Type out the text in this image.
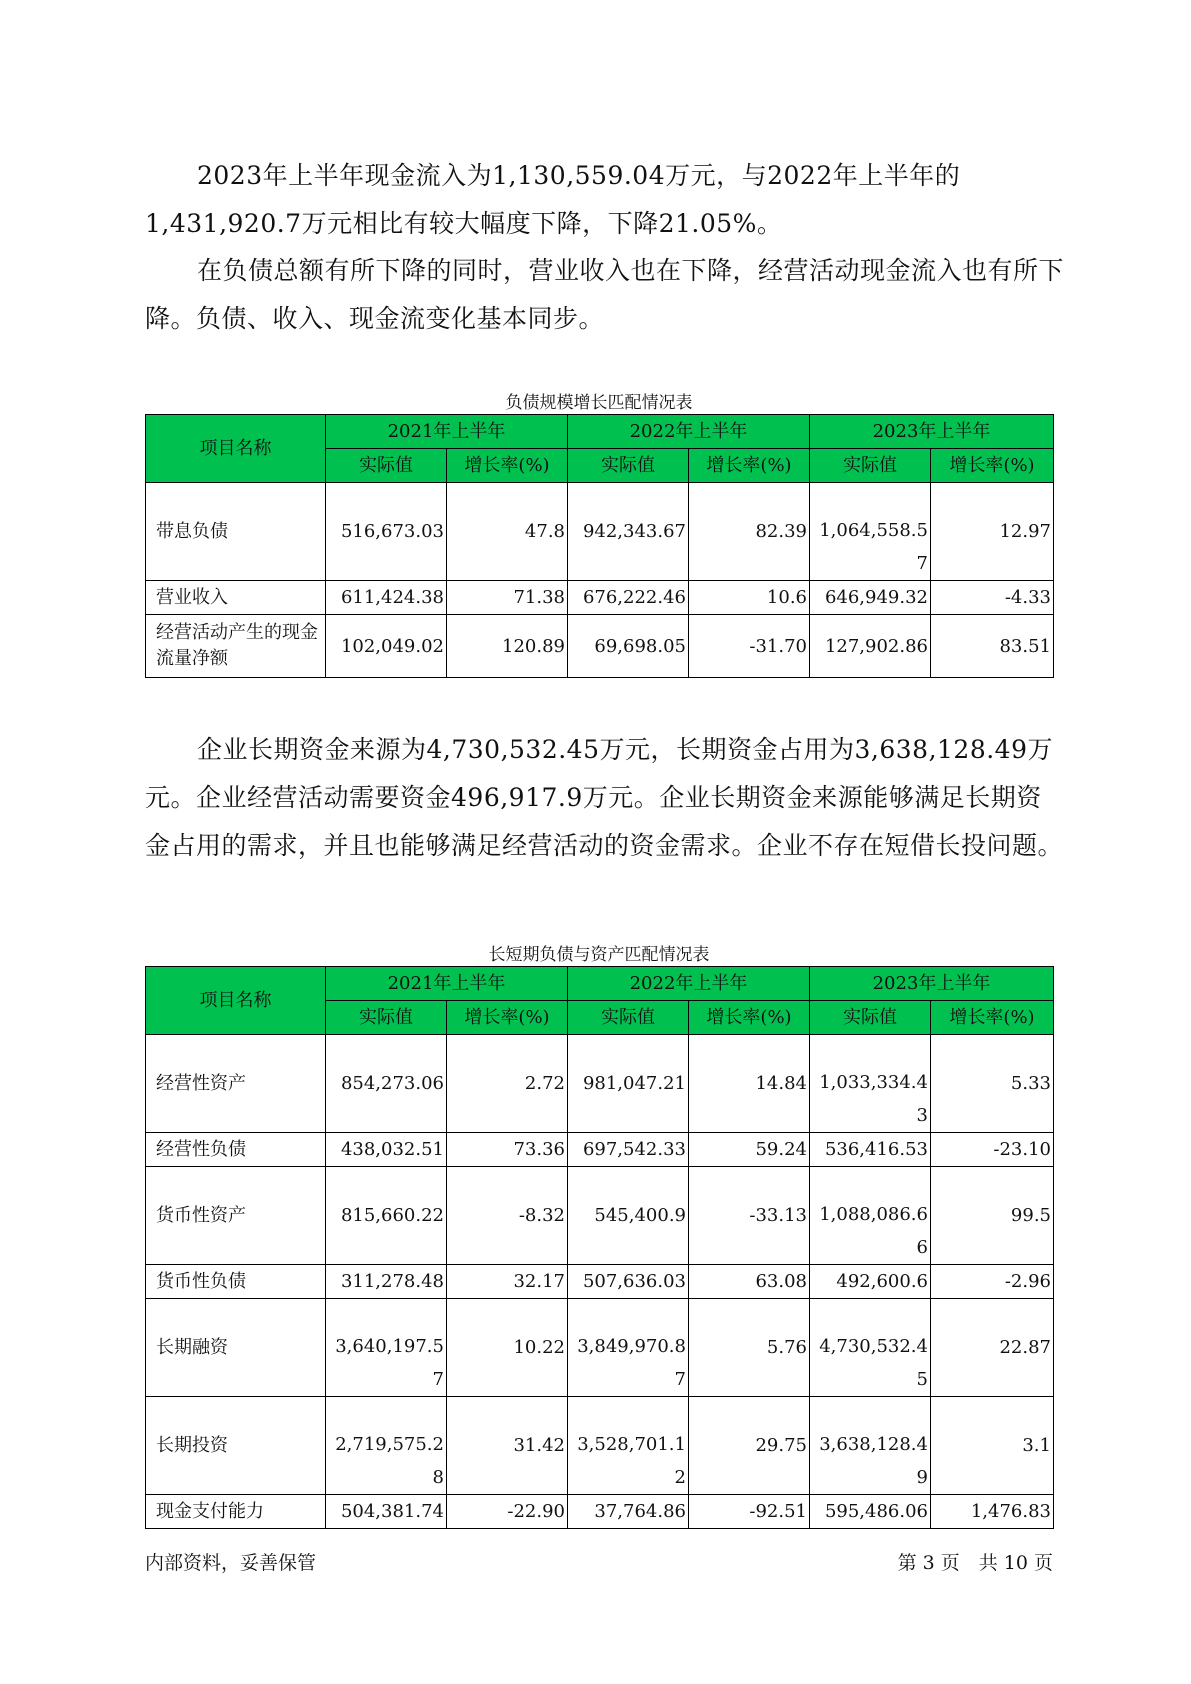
2023年上半年现金流入为1,130,559.04万元，与2022年上半年的1,431,920.7万元相比有较大幅度下降，下降21.05%。

在负债总额有所下降的同时，营业收入也在下降，经营活动现金流入也有所下降。负债、收入、现金流变化基本同步。

负债规模增长匹配情况表

项目名称	2021年上半年		2022年上半年		2023年上半年	
	实际值	增长率(%)	实际值	增长率(%)	实际值	增长率(%)
带息负债	516,673.03	47.8	942,343.67	82.39	1,064,558.57	12.97
营业收入	611,424.38	71.38	676,222.46	10.6	646,949.32	-4.33
经营活动产生的现金流量净额	102,049.02	120.89	69,698.05	-31.70	127,902.86	83.51

企业长期资金来源为4,730,532.45万元，长期资金占用为3,638,128.49万元。企业经营活动需要资金496,917.9万元。企业长期资金来源能够满足长期资金占用的需求，并且也能够满足经营活动的资金需求。企业不存在短借长投问题。

长短期负债与资产匹配情况表

项目名称	2021年上半年		2022年上半年		2023年上半年	
	实际值	增长率(%)	实际值	增长率(%)	实际值	增长率(%)
经营性资产	854,273.06	2.72	981,047.21	14.84	1,033,334.43	5.33
经营性负债	438,032.51	73.36	697,542.33	59.24	536,416.53	-23.10
货币性资产	815,660.22	-8.32	545,400.9	-33.13	1,088,086.66	99.5
货币性负债	311,278.48	32.17	507,636.03	63.08	492,600.6	-2.96
长期融资	3,640,197.57	10.22	3,849,970.87	5.76	4,730,532.45	22.87
长期投资	2,719,575.28	31.42	3,528,701.12	29.75	3,638,128.49	3.1
现金支付能力	504,381.74	-22.90	37,764.86	-92.51	595,486.06	1,476.83

内部资料，妥善保管	第 3 页　共 10 页
